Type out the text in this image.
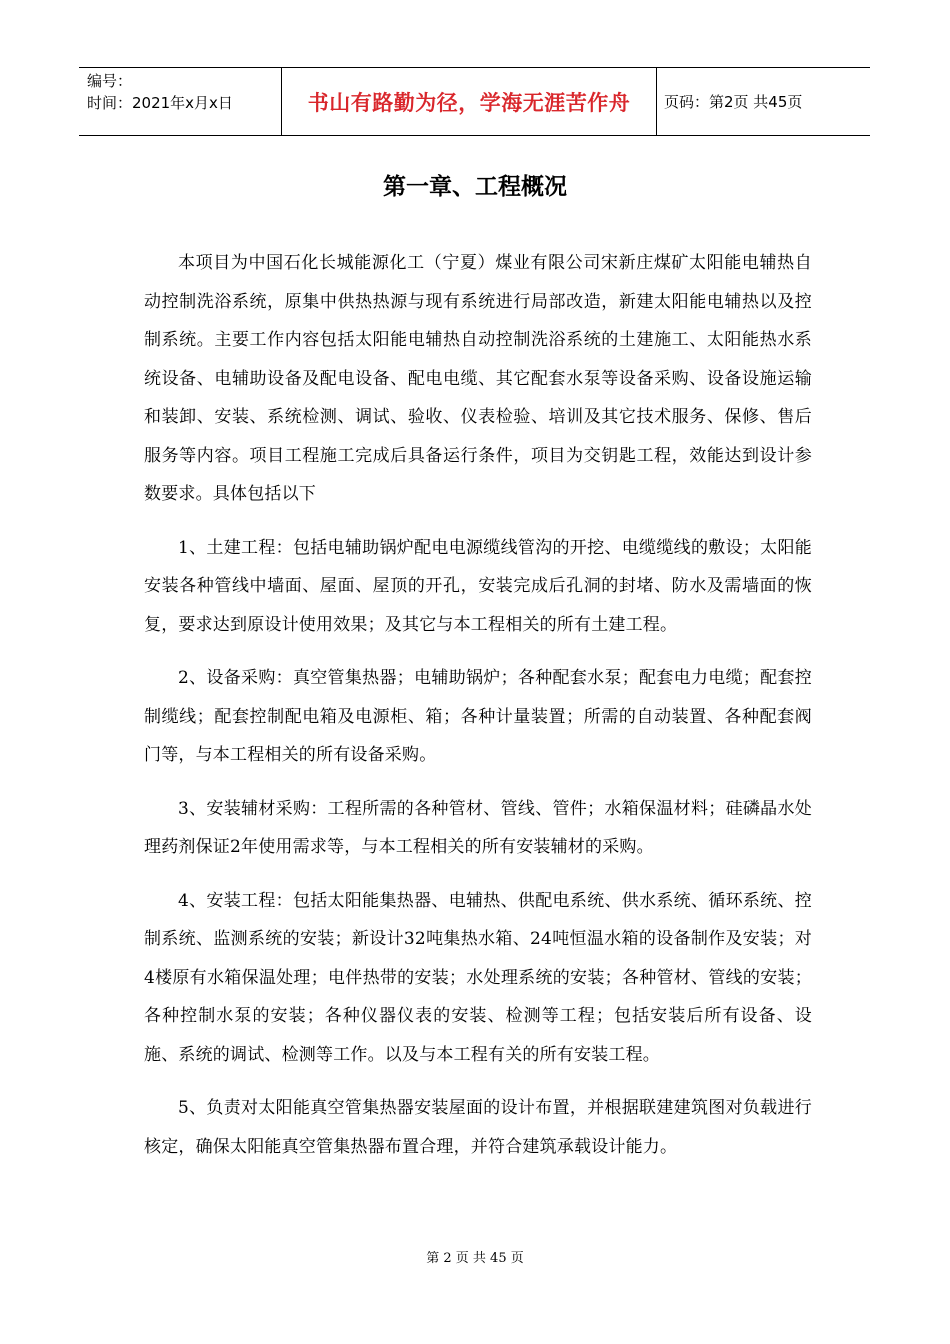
编号：
时间：2021年x月x日	书山有路勤为径，学海无涯苦作舟	页码：第2页 共45页
第一章、工程概况

本项目为中国石化长城能源化工（宁夏）煤业有限公司宋新庄煤矿太阳能电辅热自动控制洗浴系统，原集中供热热源与现有系统进行局部改造，新建太阳能电辅热以及控制系统。主要工作内容包括太阳能电辅热自动控制洗浴系统的土建施工、太阳能热水系统设备、电辅助设备及配电设备、配电电缆、其它配套水泵等设备采购、设备设施运输和装卸、安装、系统检测、调试、验收、仪表检验、培训及其它技术服务、保修、售后服务等内容。项目工程施工完成后具备运行条件，项目为交钥匙工程，效能达到设计参数要求。具体包括以下

1、土建工程：包括电辅助锅炉配电电源缆线管沟的开挖、电缆缆线的敷设；太阳能安装各种管线中墙面、屋面、屋顶的开孔，安装完成后孔洞的封堵、防水及需墙面的恢复，要求达到原设计使用效果；及其它与本工程相关的所有土建工程。

2、设备采购：真空管集热器；电辅助锅炉；各种配套水泵；配套电力电缆；配套控制缆线；配套控制配电箱及电源柜、箱；各种计量装置；所需的自动装置、各种配套阀门等，与本工程相关的所有设备采购。

3、安装辅材采购：工程所需的各种管材、管线、管件；水箱保温材料；硅磷晶水处理药剂保证2年使用需求等，与本工程相关的所有安装辅材的采购。

4、安装工程：包括太阳能集热器、电辅热、供配电系统、供水系统、循环系统、控制系统、监测系统的安装；新设计32吨集热水箱、24吨恒温水箱的设备制作及安装；对4楼原有水箱保温处理；电伴热带的安装；水处理系统的安装；各种管材、管线的安装；各种控制水泵的安装；各种仪器仪表的安装、检测等工程；包括安装后所有设备、设施、系统的调试、检测等工作。以及与本工程有关的所有安装工程。

5、负责对太阳能真空管集热器安装屋面的设计布置，并根据联建建筑图对负载进行核定，确保太阳能真空管集热器布置合理，并符合建筑承载设计能力。

第 2 页 共 45 页
